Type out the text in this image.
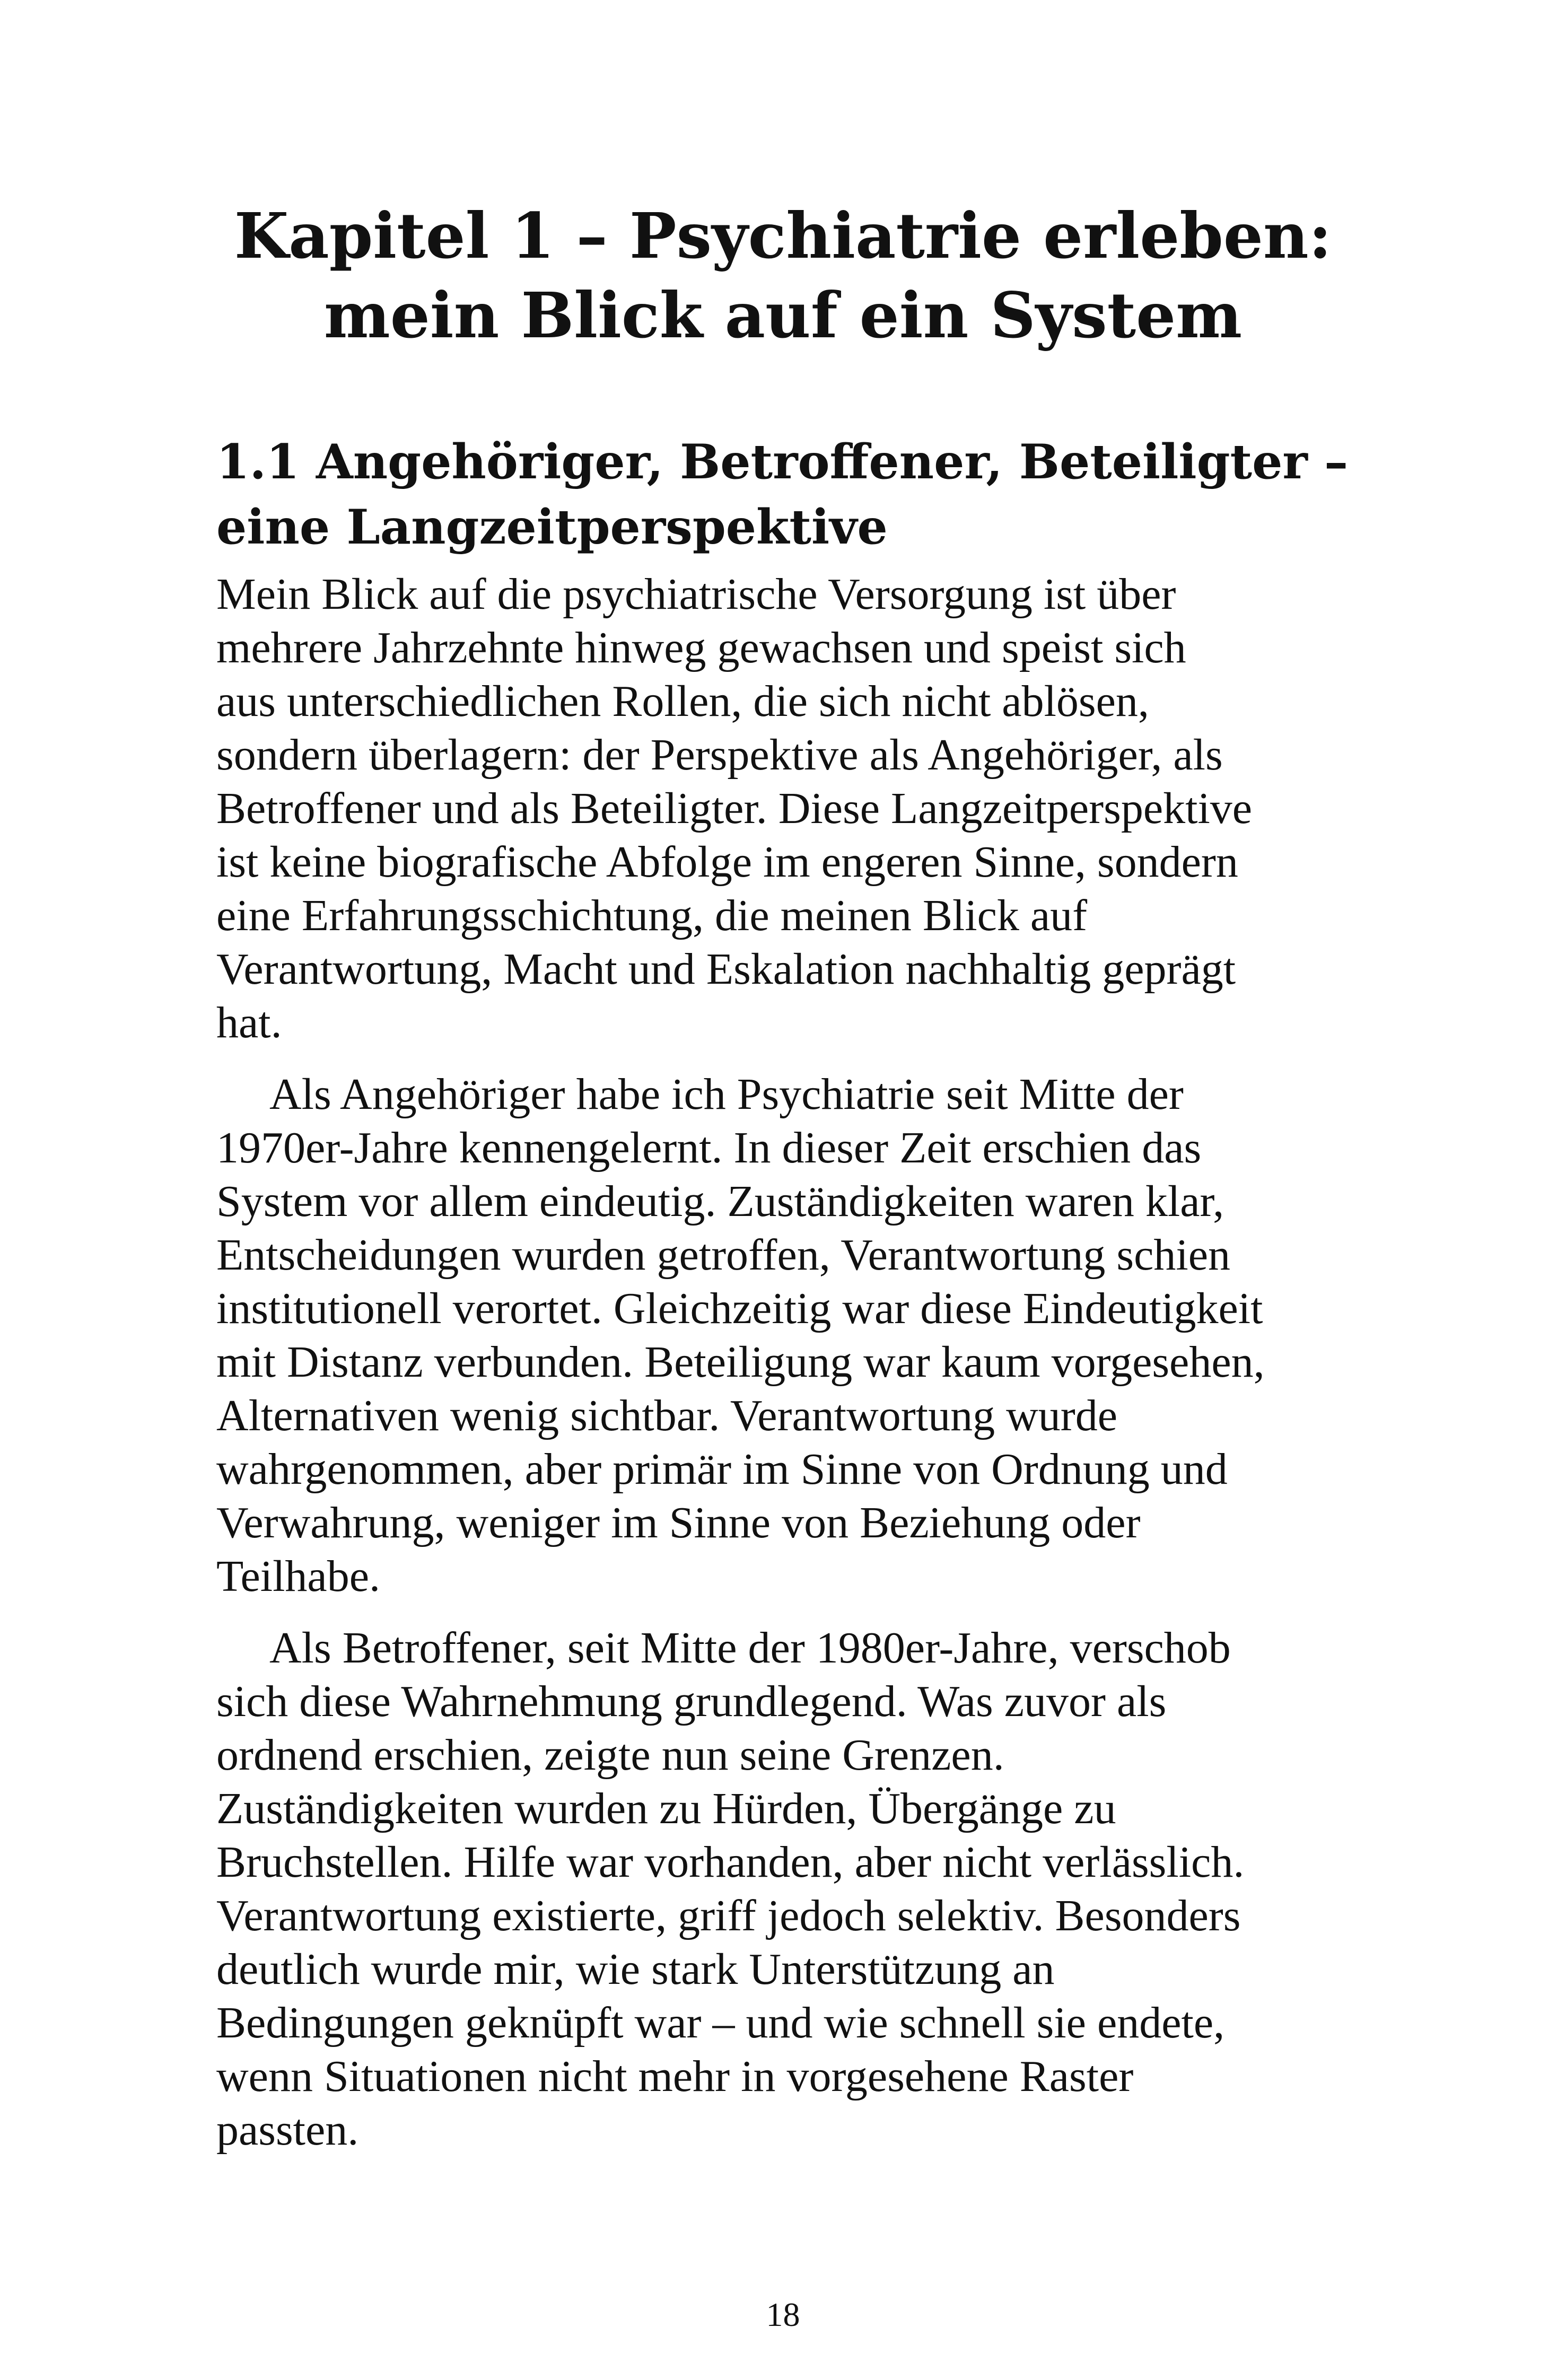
Kapitel 1 – Psychiatrie erleben:
mein Blick auf ein System
1.1 Angehöriger, Betroffener, Beteiligter –
eine Langzeitperspektive

Mein Blick auf die psychiatrische Versorgung ist über
mehrere Jahrzehnte hinweg gewachsen und speist sich
aus unterschiedlichen Rollen, die sich nicht ablösen,
sondern überlagern: der Perspektive als Angehöriger, als
Betroffener und als Beteiligter. Diese Langzeitperspektive
ist keine biografische Abfolge im engeren Sinne, sondern
eine Erfahrungsschichtung, die meinen Blick auf
Verantwortung, Macht und Eskalation nachhaltig geprägt
hat.

Als Angehöriger habe ich Psychiatrie seit Mitte der
1970er-Jahre kennengelernt. In dieser Zeit erschien das
System vor allem eindeutig. Zuständigkeiten waren klar,
Entscheidungen wurden getroffen, Verantwortung schien
institutionell verortet. Gleichzeitig war diese Eindeutigkeit
mit Distanz verbunden. Beteiligung war kaum vorgesehen,
Alternativen wenig sichtbar. Verantwortung wurde
wahrgenommen, aber primär im Sinne von Ordnung und
Verwahrung, weniger im Sinne von Beziehung oder
Teilhabe.

Als Betroffener, seit Mitte der 1980er-Jahre, verschob
sich diese Wahrnehmung grundlegend. Was zuvor als
ordnend erschien, zeigte nun seine Grenzen.
Zuständigkeiten wurden zu Hürden, Übergänge zu
Bruchstellen. Hilfe war vorhanden, aber nicht verlässlich.
Verantwortung existierte, griff jedoch selektiv. Besonders
deutlich wurde mir, wie stark Unterstützung an
Bedingungen geknüpft war – und wie schnell sie endete,
wenn Situationen nicht mehr in vorgesehene Raster
passten.

18
